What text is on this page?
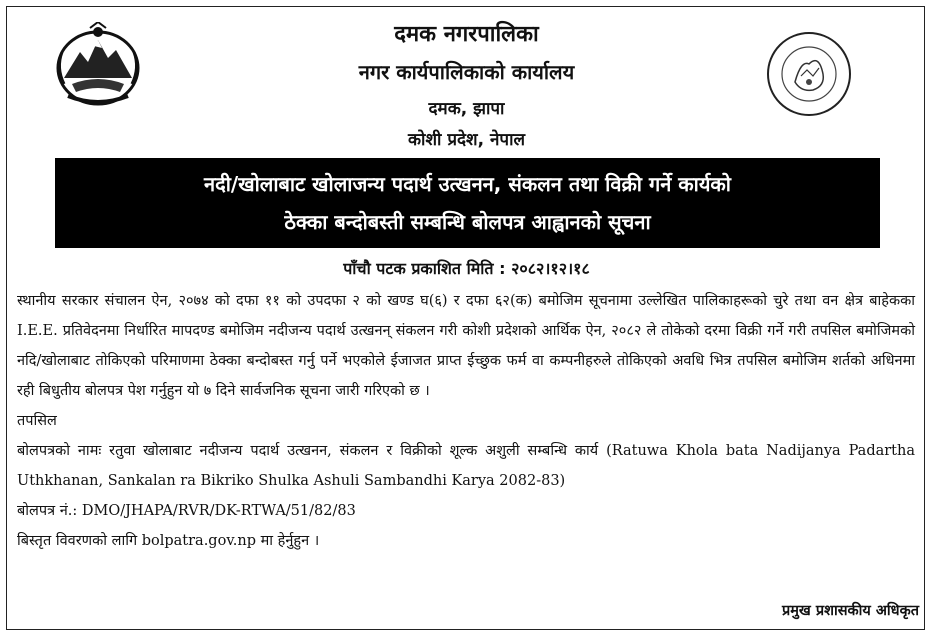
दमक नगरपालिका
नगर कार्यपालिकाको कार्यालय
दमक, झापा
कोशी प्रदेश, नेपाल
नदी/खोलाबाट खोलाजन्य पदार्थ उत्खनन, संकलन तथा विक्री गर्ने कार्यको
ठेक्का बन्दोबस्ती सम्बन्धि बोलपत्र आह्वानको सूचना
पाँचौ पटक प्रकाशित मिति : २०८२।१२।१८

स्थानीय सरकार संचालन ऐन, २०७४ को दफा ११ को उपदफा २ को खण्ड घ(६) र दफा ६२(क) बमोजिम सूचनामा उल्लेखित पालिकाहरूको चुरे तथा वन क्षेत्र बाहेकका I.E.E. प्रतिवेदनमा निर्धारित मापदण्ड बमोजिम नदीजन्य पदार्थ उत्खनन् संकलन गरी कोशी प्रदेशको आर्थिक ऐन, २०८२ ले तोकेको दरमा विक्री गर्ने गरी तपसिल बमोजिमको नदि/खोलाबाट तोकिएको परिमाणमा ठेक्का बन्दोबस्त गर्नु पर्ने भएकोले ईजाजत प्राप्त ईच्छुक फर्म वा कम्पनीहरुले तोकिएको अवधि भित्र तपसिल बमोजिम शर्तको अधिनमा रही बिधुतीय बोलपत्र पेश गर्नुहुन यो ७ दिने सार्वजनिक सूचना जारी गरिएको छ ।

तपसिल

बोलपत्रको नामः रतुवा खोलाबाट नदीजन्य पदार्थ उत्खनन, संकलन र विक्रीको शूल्क अशुली सम्बन्धि कार्य (Ratuwa Khola bata Nadijanya Padartha Uthkhanan, Sankalan ra Bikriko Shulka Ashuli Sambandhi Karya 2082-83)

बोलपत्र नं.: DMO/JHAPA/RVR/DK-RTWA/51/82/83

बिस्तृत विवरणको लागि bolpatra.gov.np मा हेर्नुहुन ।

प्रमुख प्रशासकीय अधिकृत
